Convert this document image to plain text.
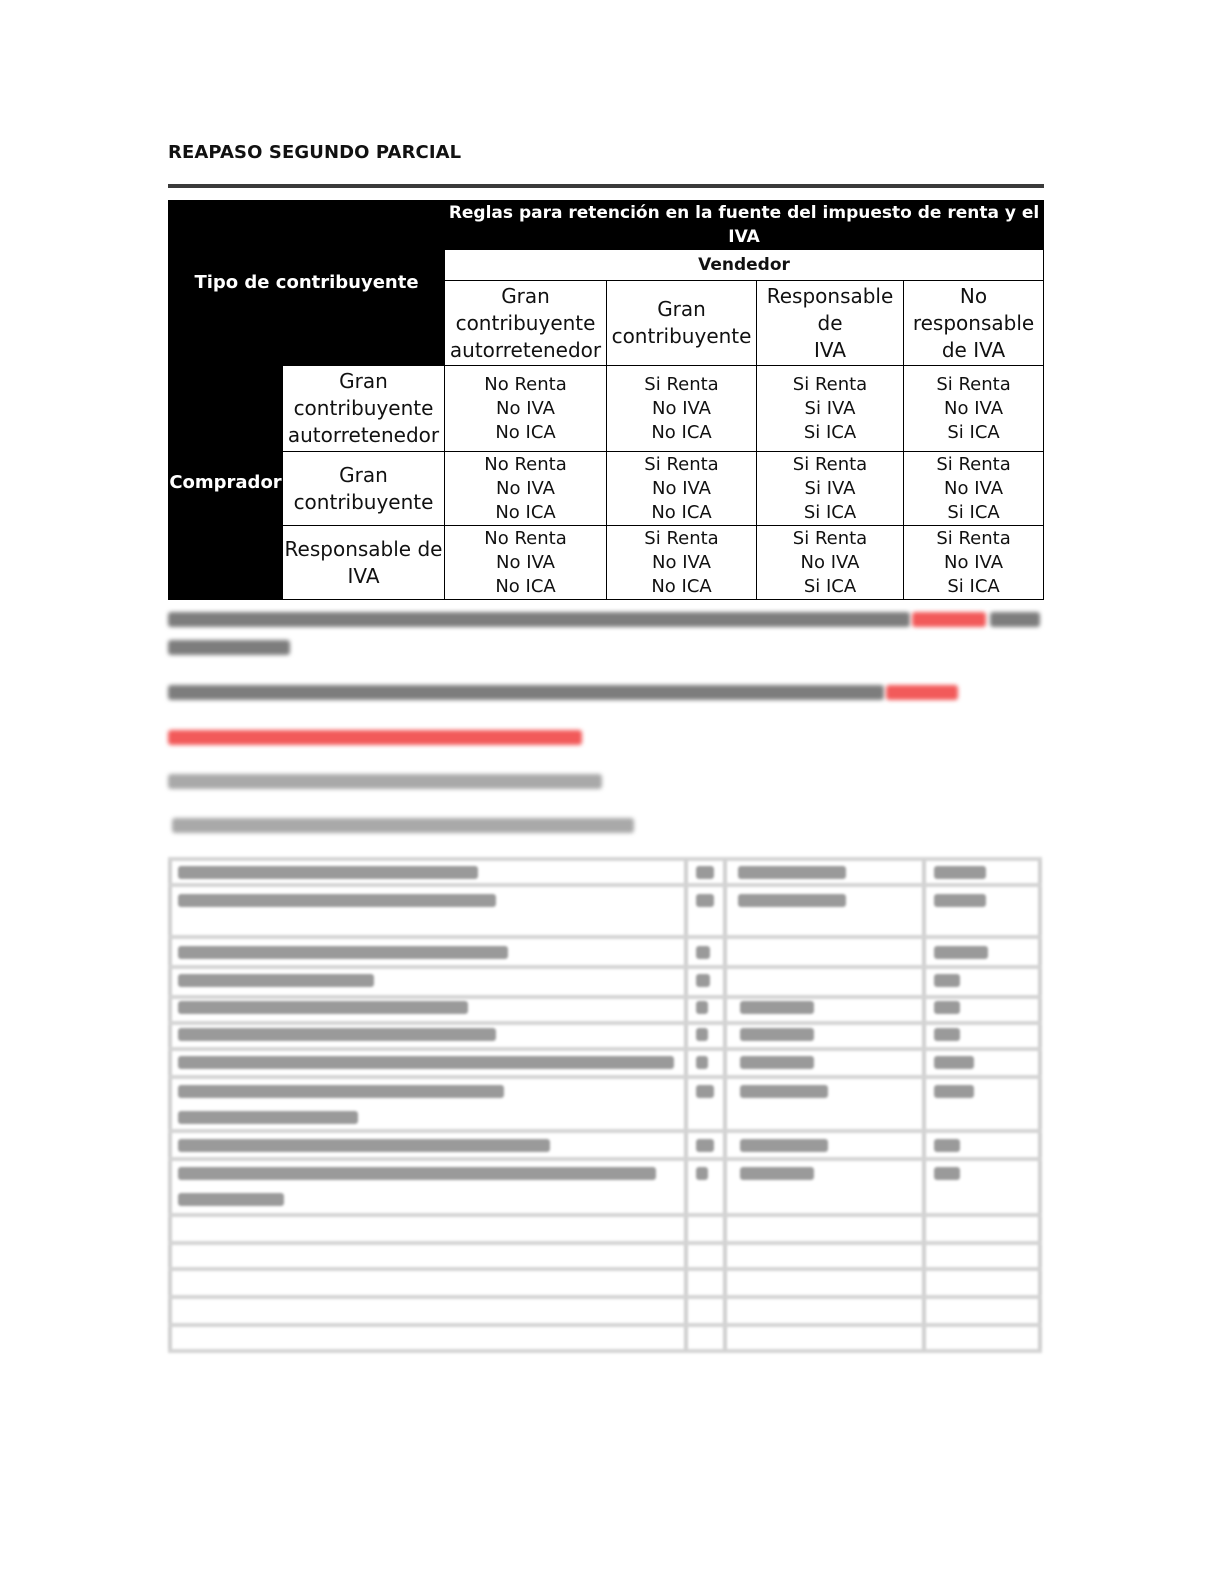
REAPASO SEGUNDO PARCIAL
Tipo de contribuyente		Reglas para retención en la fuente del impuesto de renta y el IVA			
		Vendedor			

		Gran
contribuyente
autorretenedor	Gran
contribuyente	Responsable de
IVA	No
responsable
de IVA

Comprador	Gran
contribuyente
autorretenedor	No Renta
No IVA
No ICA	Si Renta
No IVA
No ICA	Si Renta
Si IVA
Si ICA	Si Renta
No IVA
Si ICA

	Gran
contribuyente	No Renta
No IVA
No ICA	Si Renta
No IVA
No ICA	Si Renta
Si IVA
Si ICA	Si Renta
No IVA
Si ICA

	Responsable de
IVA	No Renta
No IVA
No ICA	Si Renta
No IVA
No ICA	Si Renta
No IVA
Si ICA	Si Renta
No IVA
Si ICA
